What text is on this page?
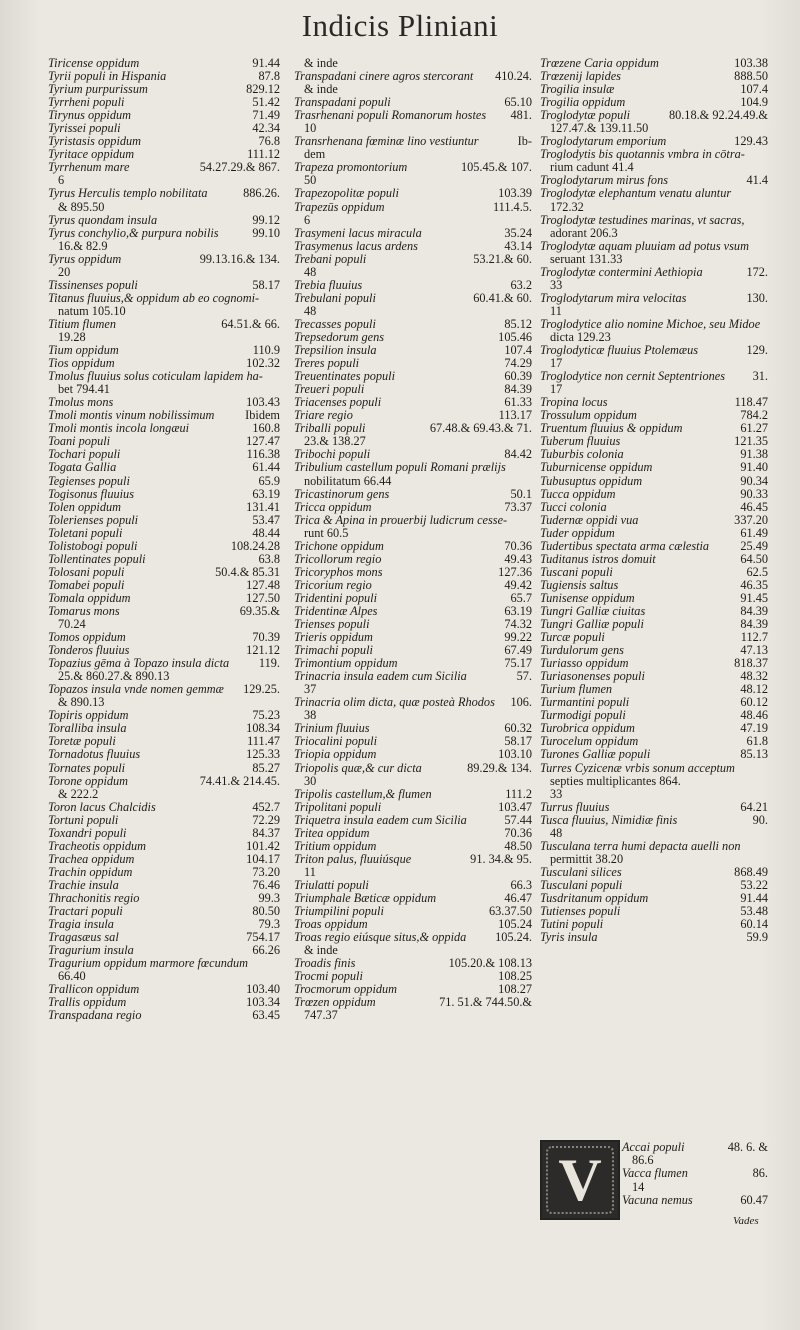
Indicis Pliniani
Tiricense oppidum	91.44
Tyrii populi in Hispania	87.8
Tyrium purpurissum	829.12
Tyrrheni populi	51.42
Tirynus oppidum	71.49
Tyrissei populi	42.34
Tyristasis oppidum	76.8
Tyritace oppidum	111.12
Tyrrhenum mare	54.27.29.& 867.
6
Tyrus Herculis templo nobilitata	886.26.
& 895.50
Tyrus quondam insula	99.12
Tyrus conchylio,& purpura nobilis	99.10
16.& 82.9
Tyrus oppidum	99.13.16.& 134.
20
Tissinenses populi	58.17
Titanus fluuius,& oppidum ab eo cognomi-
natum 105.10
Titium flumen	64.51.& 66.
19.28
Tium oppidum	110.9
Tios oppidum	102.32
Tmolus fluuius solus coticulam lapidem ha-
bet 794.41
Tmolus mons	103.43
Tmoli montis vinum nobilissimum	Ibidem
Tmoli montis incola longæui	160.8
Toani populi	127.47
Tochari populi	116.38
Togata Gallia	61.44
Tegienses populi	65.9
Togisonus fluuius	63.19
Tolen oppidum	131.41
Tolerienses populi	53.47
Toletani populi	48.44
Tolistobogi populi	108.24.28
Tollentinates populi	63.8
Tolosani populi	50.4.& 85.31
Tomabei populi	127.48
Tomala oppidum	127.50
Tomarus mons	69.35.&
70.24
Tomos oppidum	70.39
Tonderos fluuius	121.12
Topazius gēma à Topazo insula dicta	119.
25.& 860.27.& 890.13
Topazos insula vnde nomen gemmæ	129.25.
& 890.13
Topiris oppidum	75.23
Toralliba insula	108.34
Toretæ populi	111.47
Tornadotus fluuius	125.33
Tornates populi	85.27
Torone oppidum	74.41.& 214.45.
& 222.2
Toron lacus Chalcidis	452.7
Tortuni populi	72.29
Toxandri populi	84.37
Tracheotis oppidum	101.42
Trachea oppidum	104.17
Trachin oppidum	73.20
Trachie insula	76.46
Thrachonitis regio	99.3
Tractari populi	80.50
Tragia insula	79.3
Tragasæus sal	754.17
Tragurium insula	66.26
Tragurium oppidum marmore fœcundum
66.40
Trallicon oppidum	103.40
Trallis oppidum	103.34
Transpadana regio	63.45
& inde
Transpadani cinere agros stercorant	410.24.
& inde
Transpadani populi	65.10
Trasrhenani populi Romanorum hostes	481.
10
Transrhenana fœminæ lino vestiuntur	Ib-
dem
Trapeza promontorium	105.45.& 107.
50
Trapezopolitæ populi	103.39
Trapezūs oppidum	111.4.5.
6
Trasymeni lacus miracula	35.24
Trasymenus lacus ardens	43.14
Trebani populi	53.21.& 60.
48
Trebia fluuius	63.2
Trebulani populi	60.41.& 60.
48
Trecasses populi	85.12
Trepsedorum gens	105.46
Trepsilion insula	107.4
Treres populi	74.29
Treuentinates populi	60.39
Treueri populi	84.39
Triacenses populi	61.33
Triare regio	113.17
Triballi populi	67.48.& 69.43.& 71.
23.& 138.27
Tribochi populi	84.42
Tribulium castellum populi Romani prælijs
nobilitatum 66.44
Tricastinorum gens	50.1
Tricca oppidum	73.37
Trica & Apina in prouerbij ludicrum cesse-
runt 60.5
Trichone oppidum	70.36
Tricollorum regio	49.43
Tricoryphos mons	127.36
Tricorium regio	49.42
Tridentini populi	65.7
Tridentinæ Alpes	63.19
Trienses populi	74.32
Trieris oppidum	99.22
Trimachi populi	67.49
Trimontium oppidum	75.17
Trinacria insula eadem cum Sicilia	57.
37
Trinacria olim dicta, quæ posteà Rhodos	106.
38
Trinium fluuius	60.32
Triocalini populi	58.17
Triopia oppidum	103.10
Triopolis quæ,& cur dicta	89.29.& 134.
30
Tripolis castellum,& flumen	111.2
Tripolitani populi	103.47
Triquetra insula eadem cum Sicilia	57.44
Tritea oppidum	70.36
Tritium oppidum	48.50
Triton palus, fluuiúsque	91. 34.& 95.
11
Triulatti populi	66.3
Triumphale Bæticæ oppidum	46.47
Triumpilini populi	63.37.50
Troas oppidum	105.24
Troas regio eiúsque situs,& oppida	105.24.
& inde
Troadis finis	105.20.& 108.13
Trocmi populi	108.25
Trocmorum oppidum	108.27
Trœzen oppidum	71. 51.& 744.50.&
747.37
Trœzene Caria oppidum	103.38
Trœzenij lapides	888.50
Trogilia insulæ	107.4
Trogilia oppidum	104.9
Troglodytæ populi	80.18.& 92.24.49.&
127.47.& 139.11.50
Troglodytarum emporium	129.43
Troglodytis bis quotannis vmbra in cōtra-
rium cadunt 41.4
Troglodytarum mirus fons	41.4
Troglodytæ elephantum venatu aluntur
172.32
Troglodytæ testudines marinas, vt sacras,
adorant 206.3
Troglodytæ aquam pluuiam ad potus vsum
seruant 131.33
Troglodytæ contermini Aethiopia	172.
33
Troglodytarum mira velocitas	130.
11
Troglodytice alio nomine Michoe, seu Midoe
dicta 129.23
Troglodyticæ fluuius Ptolemæus	129.
17
Troglodytice non cernit Septentriones	31.
17
Tropina locus	118.47
Trossulum oppidum	784.2
Truentum fluuius & oppidum	61.27
Tuberum fluuius	121.35
Tuburbis colonia	91.38
Tuburnicense oppidum	91.40
Tubusuptus oppidum	90.34
Tucca oppidum	90.33
Tucci colonia	46.45
Tudernæ oppidi vua	337.20
Tuder oppidum	61.49
Tudertibus spectata arma cælestia	25.49
Tuditanus istros domuit	64.50
Tuscani populi	62.5
Tugiensis saltus	46.35
Tunisense oppidum	91.45
Tungri Galliæ ciuitas	84.39
Tungri Galliæ populi	84.39
Turcæ populi	112.7
Turdulorum gens	47.13
Turiasso oppidum	818.37
Turiasonenses populi	48.32
Turium flumen	48.12
Turmantini populi	60.12
Turmodigi populi	48.46
Turobrica oppidum	47.19
Turocelum oppidum	61.8
Turones Galliæ populi	85.13
Turres Cyzicenæ vrbis sonum acceptum
septies multiplicantes 864.
33
Turrus fluuius	64.21
Tusca fluuius, Nimidiæ finis	90.
48
Tusculana terra humi depacta auelli non
permittit 38.20
Tusculani silices	868.49
Tusculani populi	53.22
Tusdritanum oppidum	91.44
Tutienses populi	53.48
Tutini populi	60.14
Tyris insula	59.9
V	Accai populi	48. 6. &
86.6
Vacca flumen	86.
14
Vacuna nemus	60.47
Vades
